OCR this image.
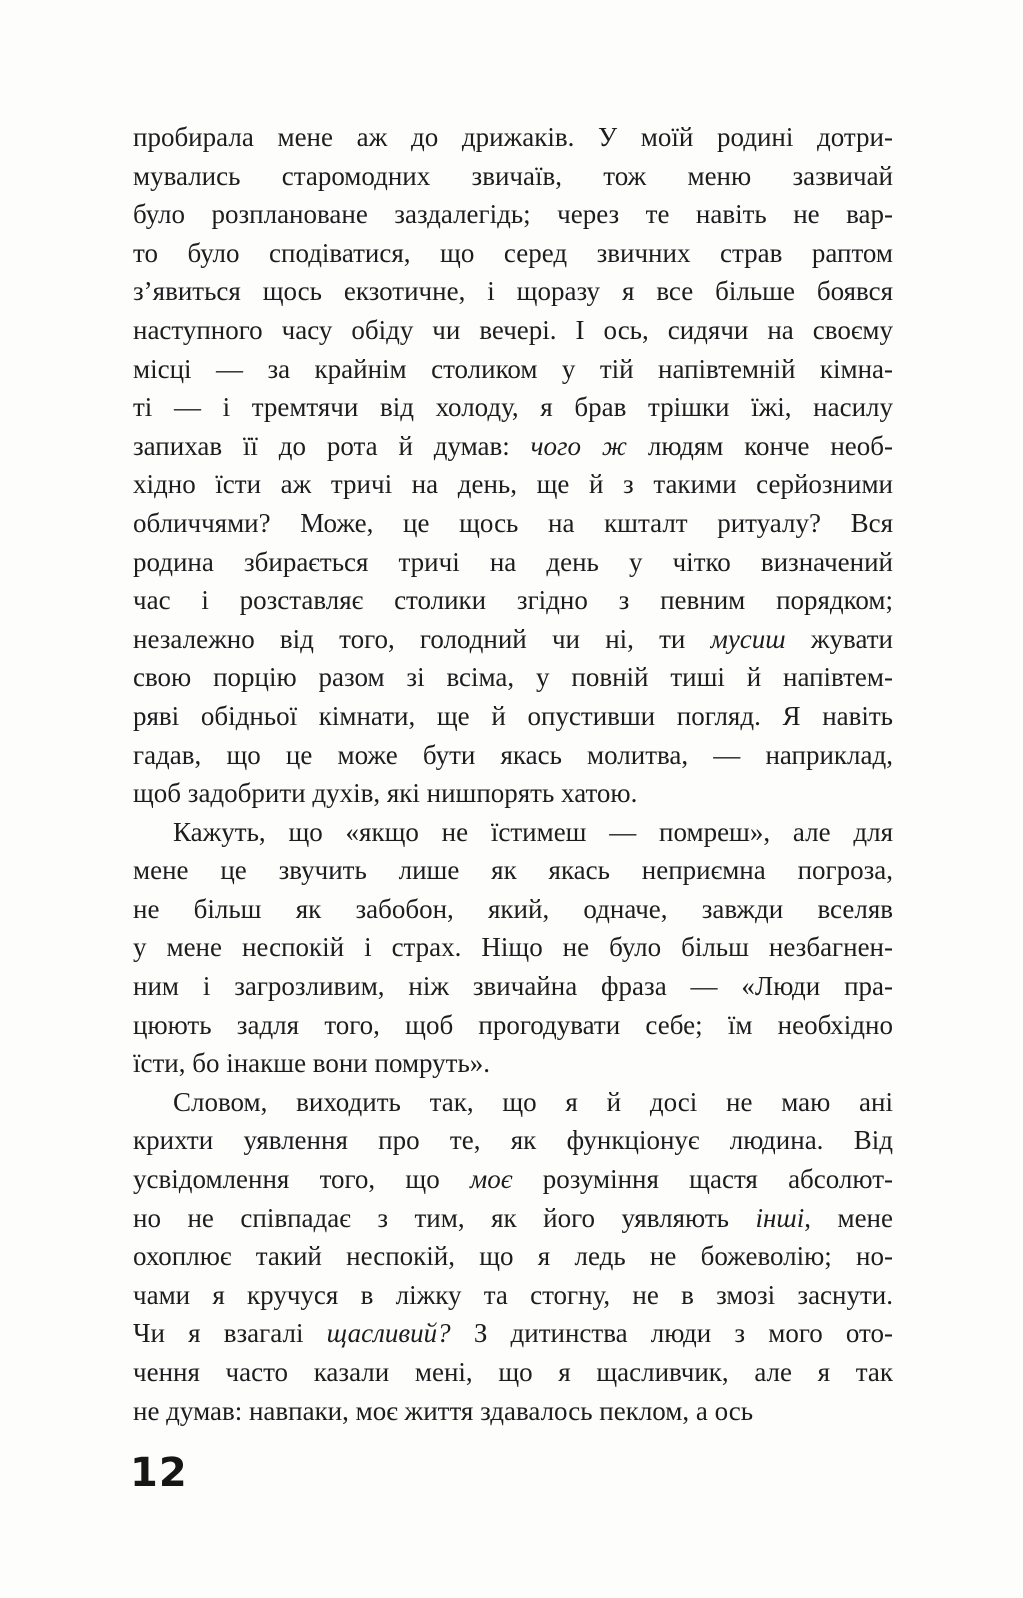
пробирала мене аж до дрижаків. У моїй родині дотри-
мувались старомодних звичаїв, тож меню зазвичай
було розплановане заздалегідь; через те навіть не вар-
то було сподіватися, що серед звичних страв раптом
з’явиться щось екзотичне, і щоразу я все більше боявся
наступного часу обіду чи вечері. І ось, сидячи на своєму
місці — за крайнім столиком у тій напівтемній кімна-
ті — і тремтячи від холоду, я брав трішки їжі, насилу
запихав її до рота й думав: чого ж людям конче необ-
хідно їсти аж тричі на день, ще й з такими серйозними
обличчями? Може, це щось на кшталт ритуалу? Вся
родина збирається тричі на день у чітко визначений
час і розставляє столики згідно з певним порядком;
незалежно від того, голодний чи ні, ти мусиш жувати
свою порцію разом зі всіма, у повній тиші й напівтем-
ряві обідньої кімнати, ще й опустивши погляд. Я навіть
гадав, що це може бути якась молитва, — наприклад,
щоб задобрити духів, які нишпорять хатою.
Кажуть, що «якщо не їстимеш — помреш», але для
мене це звучить лише як якась неприємна погроза,
не більш як забобон, який, одначе, завжди вселяв
у мене неспокій і страх. Ніщо не було більш незбагнен-
ним і загрозливим, ніж звичайна фраза — «Люди пра-
цюють задля того, щоб прогодувати себе; їм необхідно
їсти, бо інакше вони помруть».
Словом, виходить так, що я й досі не маю ані
крихти уявлення про те, як функціонує людина. Від
усвідомлення того, що моє розуміння щастя абсолют-
но не співпадає з тим, як його уявляють інші, мене
охоплює такий неспокій, що я ледь не божеволію; но-
чами я кручуся в ліжку та стогну, не в змозі заснути.
Чи я взагалі щасливий? З дитинства люди з мого ото-
чення часто казали мені, що я щасливчик, але я так
не думав: навпаки, моє життя здавалось пеклом, а ось
12
